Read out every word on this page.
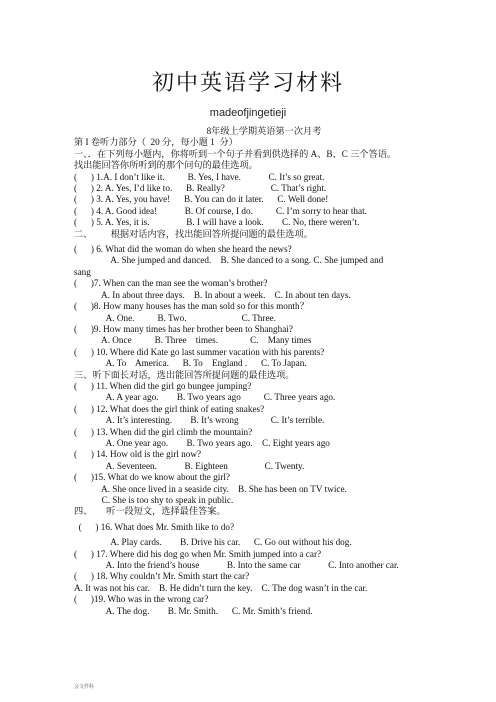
初中英语学习材料
madeofjingetieji
8年级上学期英语第一次月考
第 I 卷听力部分（  20 分，每小题 1  分）
一、．在下列每小题内，你将听到一个句子并看到供选择的 A、B、C 三个答语。
找出能回答你所听到的那个问句的最佳选项。
(      ) 1.A. I don’t like it.          B. Yes, I have.            C. It’s so great.
(      ) 2. A. Yes, I’d like to.      B. Really?                    C. That’s right.
(      ) 3. A. Yes, you have!      B. You can do it later.      C. Well done!
(      ) 4. A. Good idea!            B. Of course, I do.          C. I’m sorry to hear that.
(      ) 5. A. Yes, it is.                B. I will have a look.        C. No, there weren’t.
二、        根据对话内容，找出能回答所提问题的最佳选项。
(      ) 6. What did the woman do when she heard the news?
A. She jumped and danced.    B. She danced to a song. C. She jumped and
sang
(      )7. When can the man see the woman’s brother?
A. In about three days.    B. In about a week.    C. In about ten days.
(      )8. How many houses has the man sold so for this month？
A. One.          B. Two.                        C. Three.
(      )9. How many times has her brother been to Shanghai?
A. Once          B. Three    times.              C.    Many times
(      ) 10. Where did Kate go last summer vacation with his parents?
A. To    America.      B. To    England .      C. To Japan.
三、听下面长对话，选出能回答所提问题的最佳选项。
(      ) 11. When did the girl go bungee jumping?
A. A year ago.        B. Two years ago          C. Three years ago.
(      ) 12. What does the girl think of eating snakes?
A. It’s interesting.        B. It’s wrong              C. It’s terrible.
(      ) 13. When did the girl climb the mountain?
A. One year ago.        B. Two years ago.    C. Eight years ago
(      ) 14. How old is the girl now?
A. Seventeen.            B. Eighteen                C. Twenty.
(      )15. What do we know about the girl?
A. She once lived in a seaside city.    B. She has been on TV twice.
C. She is too shy to speak in public.
四、      听一段短文，选择最佳答案。
(      ) 16. What does Mr. Smith like to do?
A. Play cards.        B. Drive his car.      C. Go out without his dog.
(      ) 17. Where did his dog go when Mr. Smith jumped into a car?
A. Into the friend’s house            B. Into the same car            C. Into another car.
(      ) 18. Why couldn’t Mr. Smith start the car?
A. It was not his car.    B. He didn’t turn the key.    C. The dog wasn’t in the car.
(      )19. Who was in the wrong car?
A. The dog.        B. Mr. Smith.      C. Mr. Smith’s friend.
会文件科
